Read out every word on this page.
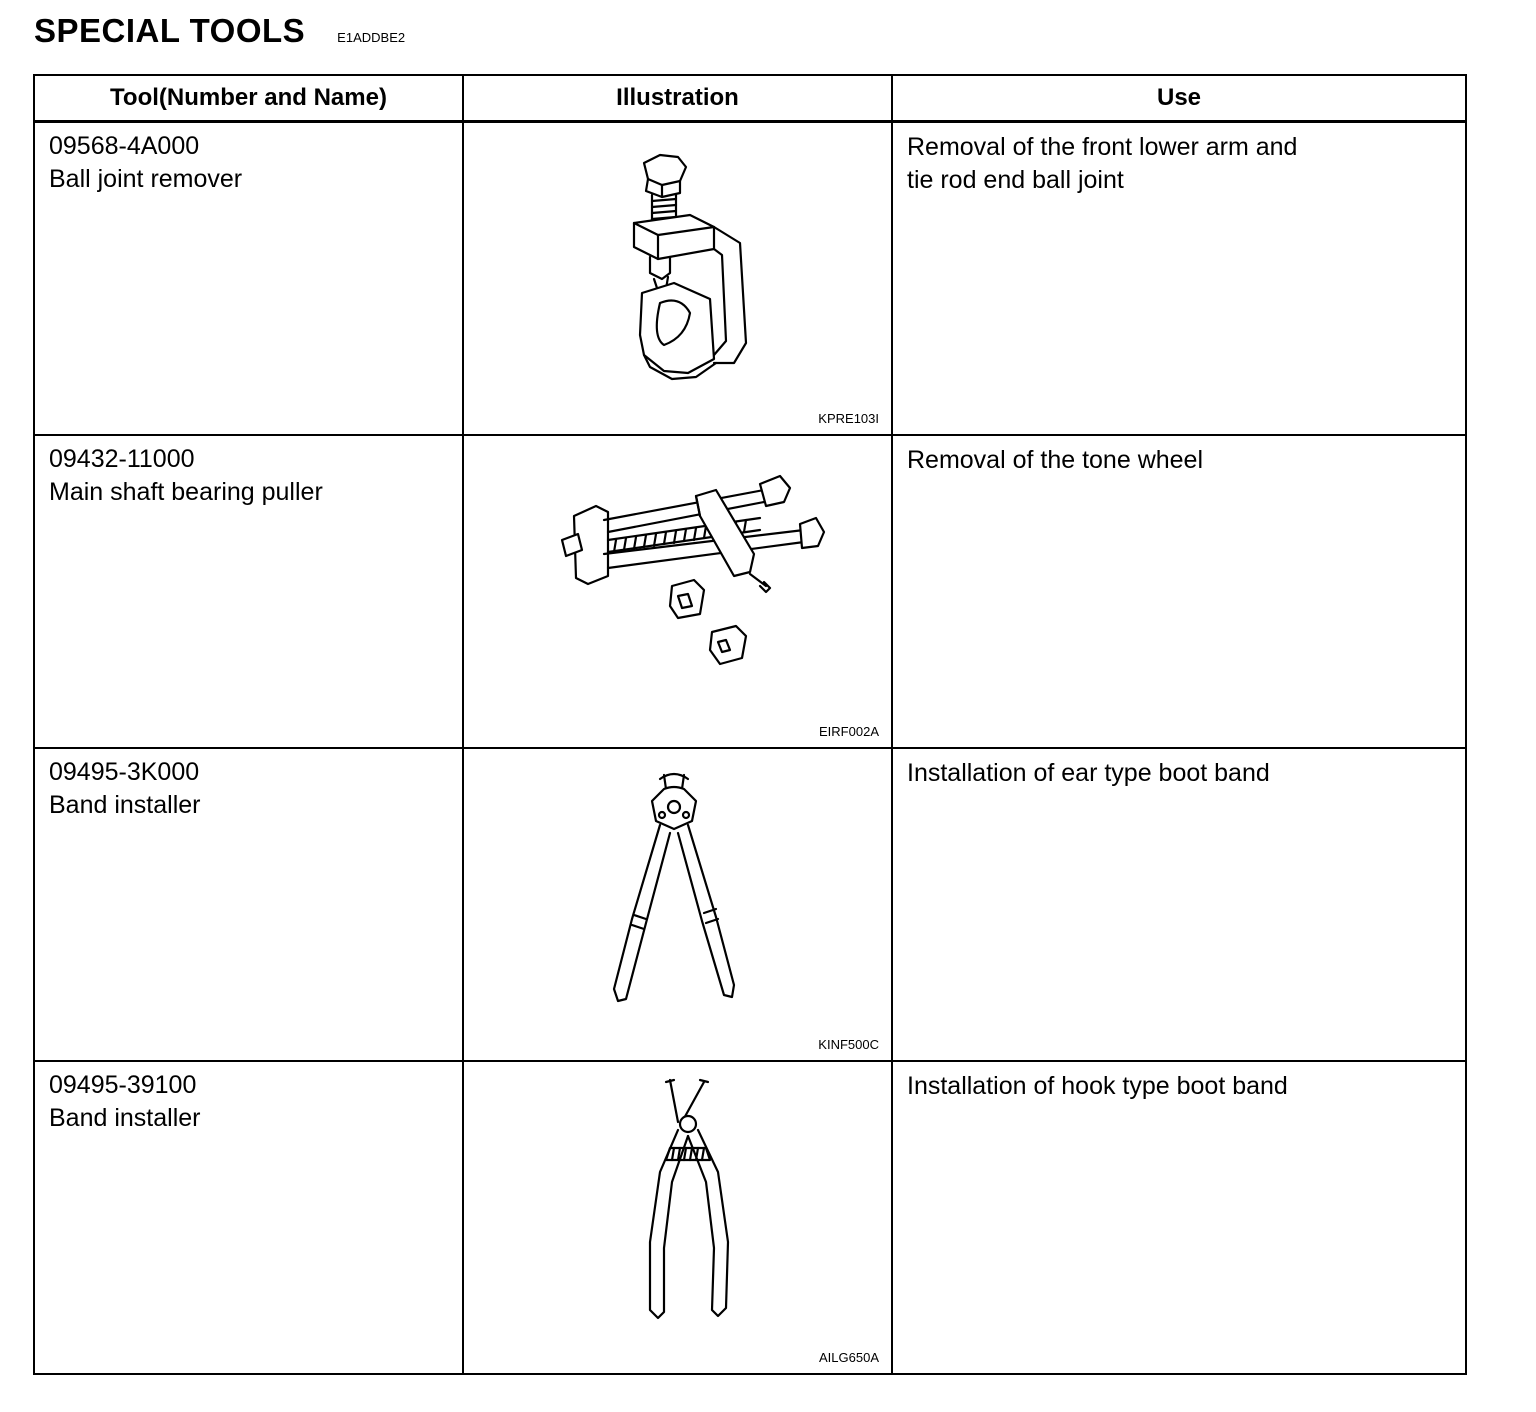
SPECIAL TOOLS E1ADDBE2
Tool(Number and Name)	Illustration	Use

09568-4A000
Ball joint remover	KPRE103I	Removal of the front lower arm and
tie rod end ball joint

09432-11000
Main shaft bearing puller	EIRF002A	Removal of the tone wheel

09495-3K000
Band installer	KINF500C	Installation of ear type boot band

09495-39100
Band installer	AILG650A	Installation of hook type boot band
